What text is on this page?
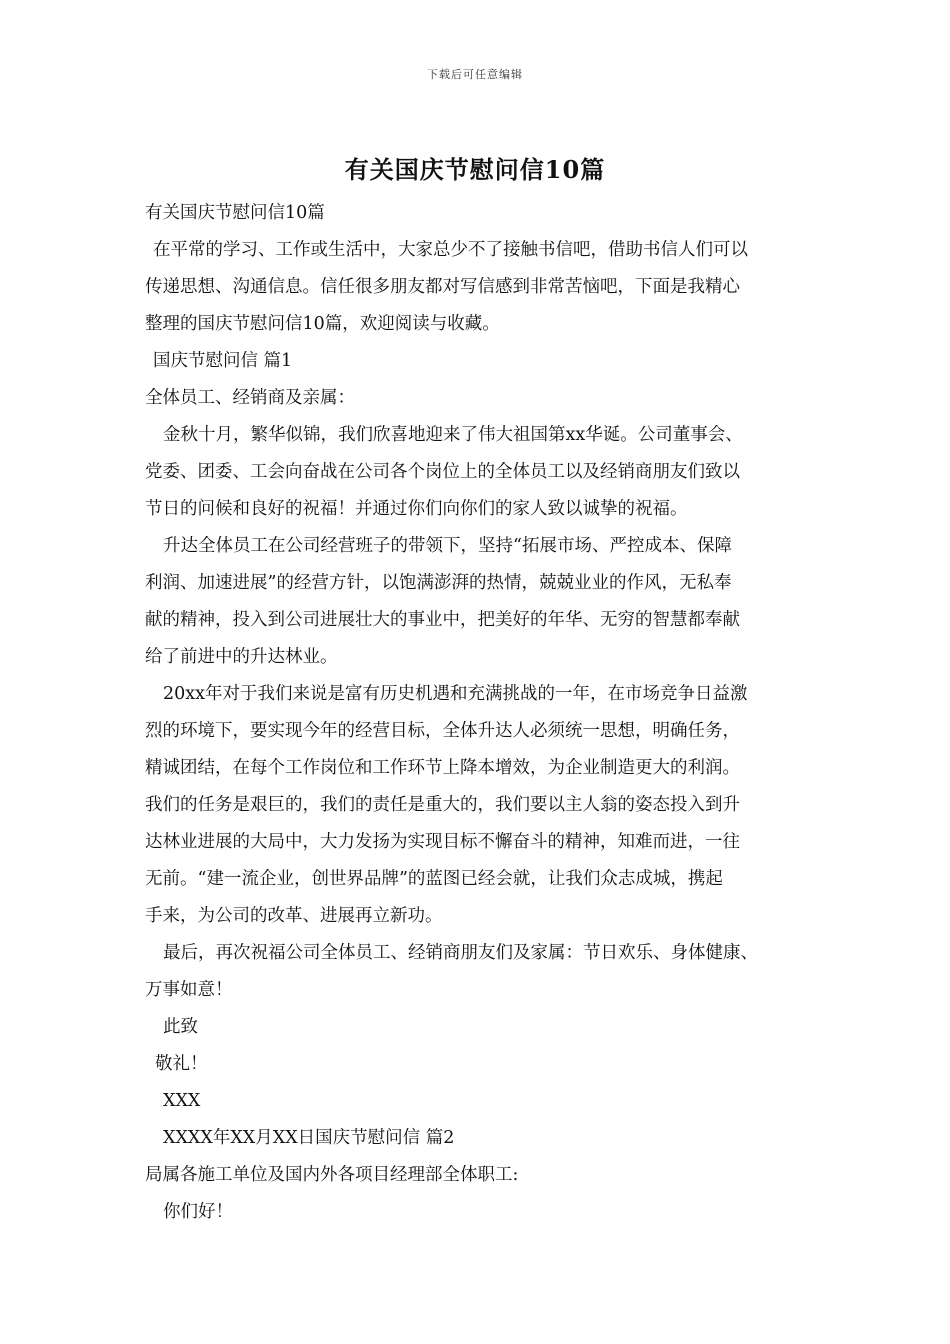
下载后可任意编辑
有关国庆节慰问信10篇
有关国庆节慰问信10篇
在平常的学习、工作或生活中，大家总少不了接触书信吧，借助书信人们可以
传递思想、沟通信息。信任很多朋友都对写信感到非常苦恼吧，下面是我精心
整理的国庆节慰问信10篇，欢迎阅读与收藏。
国庆节慰问信 篇1
全体员工、经销商及亲属：
金秋十月，繁华似锦，我们欣喜地迎来了伟大祖国第xx华诞。公司董事会、
党委、团委、工会向奋战在公司各个岗位上的全体员工以及经销商朋友们致以
节日的问候和良好的祝福！并通过你们向你们的家人致以诚挚的祝福。
升达全体员工在公司经营班子的带领下，坚持“拓展市场、严控成本、保障
利润、加速进展”的经营方针，以饱满澎湃的热情，兢兢业业的作风，无私奉
献的精神，投入到公司进展壮大的事业中，把美好的年华、无穷的智慧都奉献
给了前进中的升达林业。
20xx年对于我们来说是富有历史机遇和充满挑战的一年，在市场竞争日益激
烈的环境下，要实现今年的经营目标，全体升达人必须统一思想，明确任务，
精诚团结，在每个工作岗位和工作环节上降本增效，为企业制造更大的利润。
我们的任务是艰巨的，我们的责任是重大的，我们要以主人翁的姿态投入到升
达林业进展的大局中，大力发扬为实现目标不懈奋斗的精神，知难而进，一往
无前。“建一流企业，创世界品牌”的蓝图已经会就，让我们众志成城，携起
手来，为公司的改革、进展再立新功。
最后，再次祝福公司全体员工、经销商朋友们及家属：节日欢乐、身体健康、
万事如意！
此致
敬礼！
XXX
XXXX年XX月XX日国庆节慰问信 篇2
局属各施工单位及国内外各项目经理部全体职工:
你们好！
